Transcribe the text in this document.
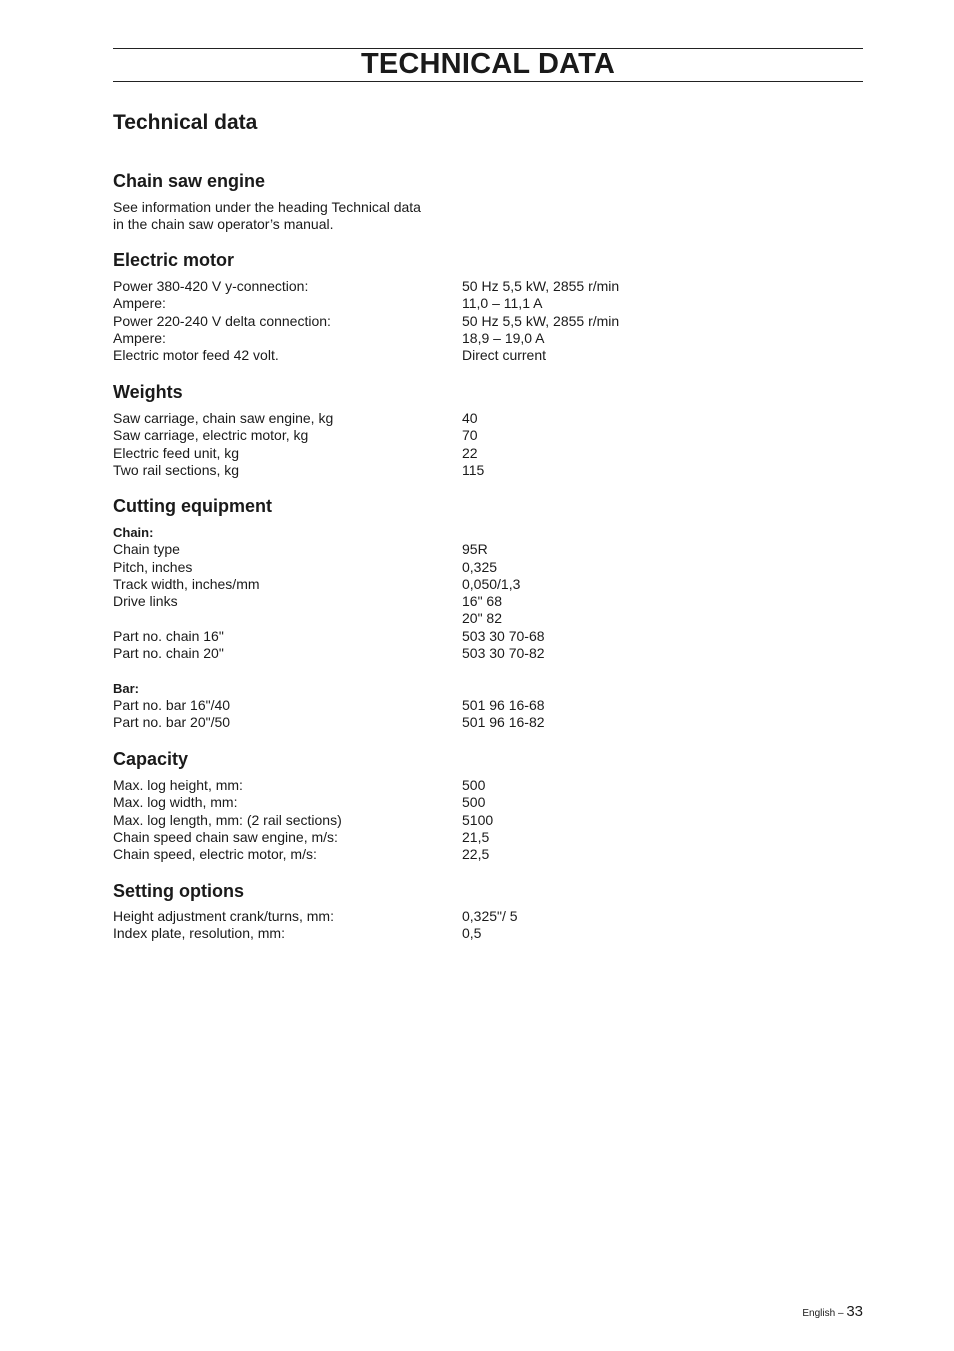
TECHNICAL DATA
Technical data
Chain saw engine
See information under the heading Technical data
in the chain saw operator’s manual.
Electric motor
Power 380-420 V y-connection:	50 Hz 5,5 kW, 2855 r/min
Ampere:	11,0 – 11,1 A
Power 220-240 V delta connection:	50 Hz 5,5 kW, 2855 r/min
Ampere:	18,9 – 19,0 A
Electric motor feed 42 volt.	Direct current
Weights
Saw carriage, chain saw engine, kg	40
Saw carriage, electric motor, kg	70
Electric feed unit, kg	22
Two rail sections, kg	115
Cutting equipment
Chain:
Chain type	95R
Pitch, inches	0,325
Track width, inches/mm	0,050/1,3
Drive links	16" 68
20" 82
Part no. chain 16"	503 30 70-68
Part no. chain 20"	503 30 70-82
Bar:
Part no. bar 16"/40	501 96 16-68
Part no. bar 20"/50	501 96 16-82
Capacity
Max. log height, mm:	500
Max. log width, mm:	500
Max. log length, mm: (2 rail sections)	5100
Chain speed chain saw engine, m/s:	21,5
Chain speed, electric motor, m/s:	22,5
Setting options
Height adjustment crank/turns, mm:	0,325"/ 5
Index plate, resolution, mm:	0,5
English – 33
